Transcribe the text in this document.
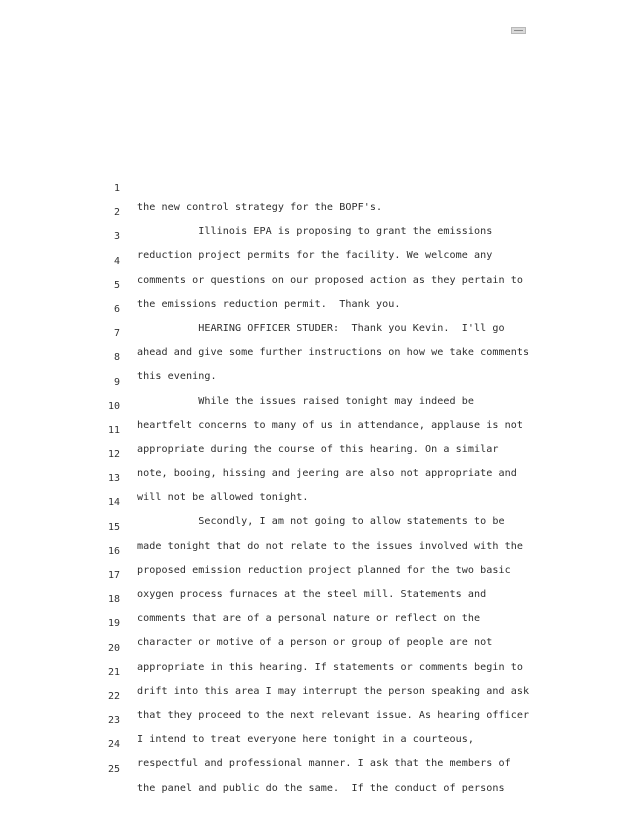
1

the new control strategy for the BOPF's.

2

Illinois EPA is proposing to grant the emissions

3

reduction project permits for the facility. We welcome any

4

comments or questions on our proposed action as they pertain to

5

the emissions reduction permit.  Thank you.

6

HEARING OFFICER STUDER:  Thank you Kevin.  I'll go

7

ahead and give some further instructions on how we take comments

8

this evening.

9

While the issues raised tonight may indeed be

10

heartfelt concerns to many of us in attendance, applause is not

11

appropriate during the course of this hearing. On a similar

12

note, booing, hissing and jeering are also not appropriate and

13

will not be allowed tonight.

14

Secondly, I am not going to allow statements to be

15

made tonight that do not relate to the issues involved with the

16

proposed emission reduction project planned for the two basic

17

oxygen process furnaces at the steel mill. Statements and

18

comments that are of a personal nature or reflect on the

19

character or motive of a person or group of people are not

20

appropriate in this hearing. If statements or comments begin to

21

drift into this area I may interrupt the person speaking and ask

22

that they proceed to the next relevant issue. As hearing officer

23

I intend to treat everyone here tonight in a courteous,

24

respectful and professional manner. I ask that the members of

25

the panel and public do the same.  If the conduct of persons
